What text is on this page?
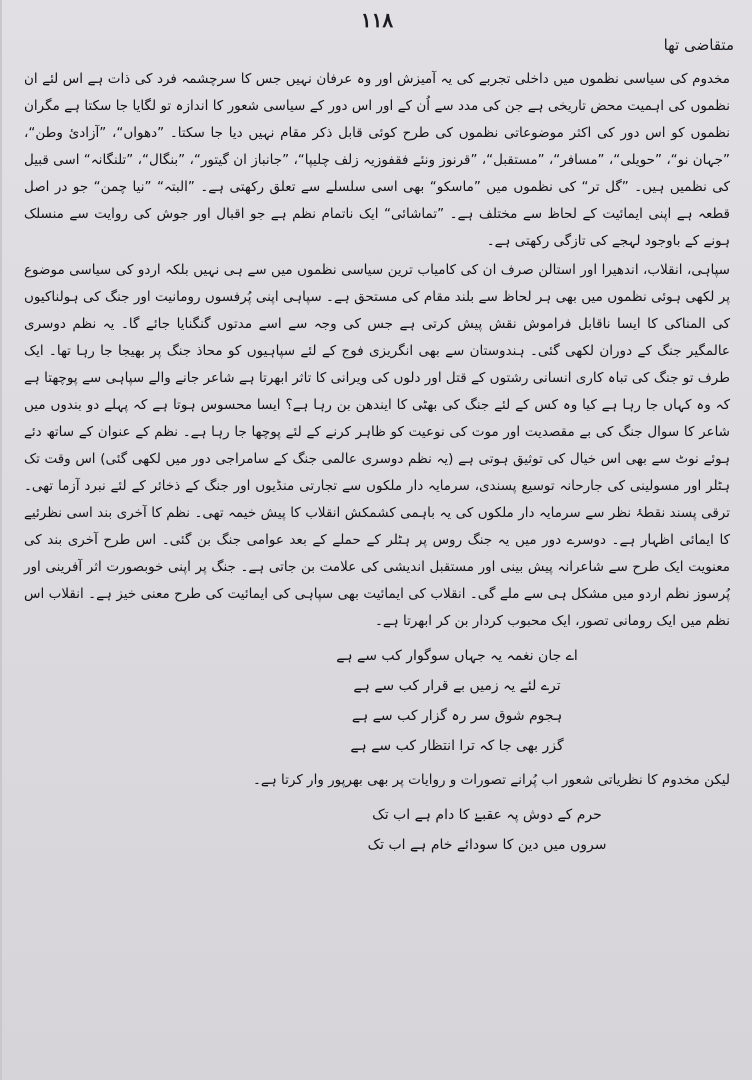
۱۱۸
متقاضی تھا

مخدوم کی سیاسی نظموں میں داخلی تجربے کی یہ آمیزش اور وہ عرفان نہیں جس کا سرچشمہ فرد کی ذات ہے اس لئے ان نظموں کی اہمیت محض تاریخی ہے جن کی مدد سے اُن کے اور اس دور کے سیاسی شعور کا اندازہ تو لگایا جا سکتا ہے مگران نظموں کو اس دور کی اکثر موضوعاتی نظموں کی طرح کوئی قابل ذکر مقام نہیں دیا جا سکتا۔ ”دھواں“، ”آزادیٔ وطن“، ”جہان نو“، ”حویلی“، ”مسافر“، ”مستقبل“، ”قرنوز ونئے فقفوزیہ زلف چلیپا“، ”جانباز ان گیتور“، ”بنگال“، ”تلنگانہ“ اسی قبیل کی نظمیں ہیں۔ ”گل تر“ کی نظموں میں ”ماسکو“ بھی اسی سلسلے سے تعلق رکھتی ہے۔ ”البتہ“ ”نیا چمن“ جو در اصل قطعہ ہے اپنی ایمائیت کے لحاظ سے مختلف ہے۔ ”تماشائی“ ایک ناتمام نظم ہے جو اقبال اور جوش کی روایت سے منسلک ہونے کے باوجود لہجے کی تازگی رکھتی ہے۔

سپاہی، انقلاب، اندھیرا اور استالن صرف ان کی کامیاب ترین سیاسی نظموں میں سے ہی نہیں بلکہ اردو کی سیاسی موضوع پر لکھی ہوئی نظموں میں بھی ہر لحاظ سے بلند مقام کی مستحق ہے۔ سپاہی اپنی پُرفسوں رومانیت اور جنگ کی ہولناکیوں کی المناکی کا ایسا ناقابل فراموش نقش پیش کرتی ہے جس کی وجہ سے اسے مدتوں گنگنایا جائے گا۔ یہ نظم دوسری عالمگیر جنگ کے دوران لکھی گئی۔ ہندوستان سے بھی انگریزی فوج کے لئے سپاہیوں کو محاذ جنگ پر بھیجا جا رہا تھا۔ ایک طرف تو جنگ کی تباہ کاری انسانی رشتوں کے قتل اور دلوں کی ویرانی کا تاثر ابھرتا ہے شاعر جانے والے سپاہی سے پوچھتا ہے کہ وہ کہاں جا رہا ہے کیا وہ کس کے لئے جنگ کی بھٹی کا ایندھن بن رہا ہے؟ ایسا محسوس ہوتا ہے کہ پہلے دو بندوں میں شاعر کا سوال جنگ کی بے مقصدیت اور موت کی نوعیت کو ظاہر کرنے کے لئے پوچھا جا رہا ہے۔ نظم کے عنوان کے ساتھ دئے ہوئے نوٹ سے بھی اس خیال کی توثیق ہوتی ہے (یہ نظم دوسری عالمی جنگ کے سامراجی دور میں لکھی گئی) اس وقت تک ہٹلر اور مسولینی کی جارحانہ توسیع پسندی، سرمایہ دار ملکوں سے تجارتی منڈیوں اور جنگ کے ذخائر کے لئے نبرد آزما تھی۔ ترقی پسند نقطۂ نظر سے سرمایہ دار ملکوں کی یہ باہمی کشمکش انقلاب کا پیش خیمہ تھی۔ نظم کا آخری بند اسی نظرئیے کا ایمائی اظہار ہے۔ دوسرے دور میں یہ جنگ روس پر ہٹلر کے حملے کے بعد عوامی جنگ بن گئی۔ اس طرح آخری بند کی معنویت ایک طرح سے شاعرانہ پیش بینی اور مستقبل اندیشی کی علامت بن جاتی ہے۔ جنگ پر اپنی خوبصورت اثر آفرینی اور پُرسوز نظم اردو میں مشکل ہی سے ملے گی۔ انقلاب کی ایمائیت بھی سپاہی کی ایمائیت کی طرح معنی خیز ہے۔ انقلاب اس نظم میں ایک رومانی تصور، ایک محبوب کردار بن کر ابھرتا ہے۔

اے جان نغمہ یہ جہاں سوگوار کب سے ہے
ترے لئے یہ زمیں بے قرار کب سے ہے
ہجوم شوق سر رہ گزار کب سے ہے
گزر بھی جا کہ ترا انتظار کب سے ہے

لیکن مخدوم کا نظریاتی شعور اب پُرانے تصورات و روایات پر بھی بھرپور وار کرتا ہے۔

حرم کے دوش پہ عقبےٰ کا دام ہے اب تک
سروں میں دین کا سودائے خام ہے اب تک
